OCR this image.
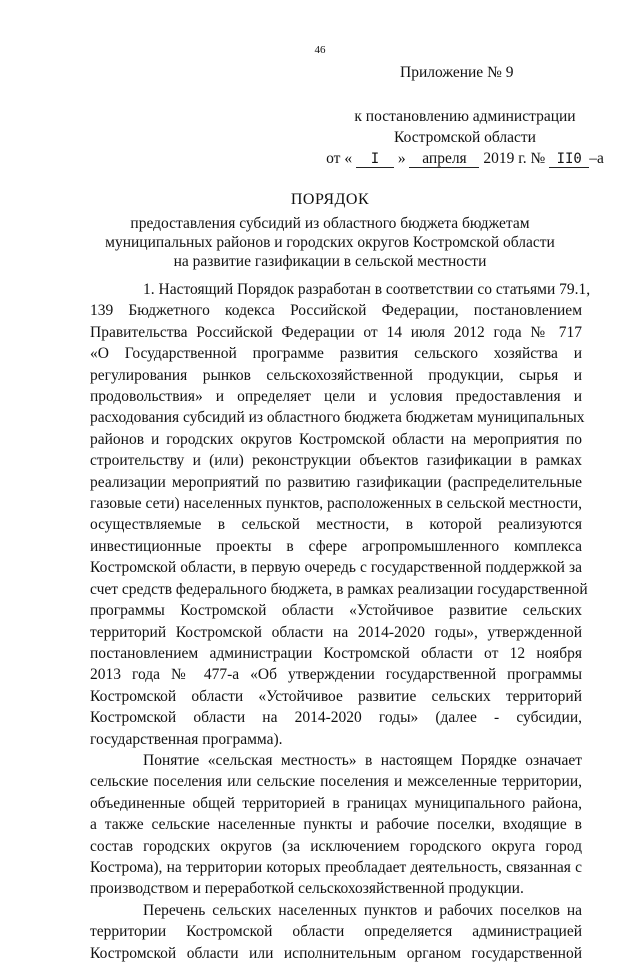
46
Приложение № 9
к постановлению администрации
Костромской области
от « I » апреля 2019 г. № II0 –а
ПОРЯДОК
предоставления субсидий из областного бюджета бюджетам
муниципальных районов и городских округов Костромской области
на развитие газификации в сельской местности

1. Настоящий Порядок разработан в соответствии со статьями 79.1,
139 Бюджетного кодекса Российской Федерации, постановлением
Правительства Российской Федерации от 14 июля 2012 года № 717
«О Государственной программе развития сельского хозяйства и
регулирования рынков сельскохозяйственной продукции, сырья и
продовольствия» и определяет цели и условия предоставления и
расходования субсидий из областного бюджета бюджетам муниципальных
районов и городских округов Костромской области на мероприятия по
строительству и (или) реконструкции объектов газификации в рамках
реализации мероприятий по развитию газификации (распределительные
газовые сети) населенных пунктов, расположенных в сельской местности,
осуществляемые в сельской местности, в которой реализуются
инвестиционные проекты в сфере агропромышленного комплекса
Костромской области, в первую очередь с государственной поддержкой за
счет средств федерального бюджета, в рамках реализации государственной
программы Костромской области «Устойчивое развитие сельских
территорий Костромской области на 2014-2020 годы», утвержденной
постановлением администрации Костромской области от 12 ноября
2013 года № 477-а «Об утверждении государственной программы
Костромской области «Устойчивое развитие сельских территорий
Костромской области на 2014-2020 годы» (далее - субсидии,
государственная программа).

Понятие «сельская местность» в настоящем Порядке означает
сельские поселения или сельские поселения и межселенные территории,
объединенные общей территорией в границах муниципального района,
а также сельские населенные пункты и рабочие поселки, входящие в
состав городских округов (за исключением городского округа город
Кострома), на территории которых преобладает деятельность, связанная с
производством и переработкой сельскохозяйственной продукции.

Перечень сельских населенных пунктов и рабочих поселков на
территории Костромской области определяется администрацией
Костромской области или исполнительным органом государственной
